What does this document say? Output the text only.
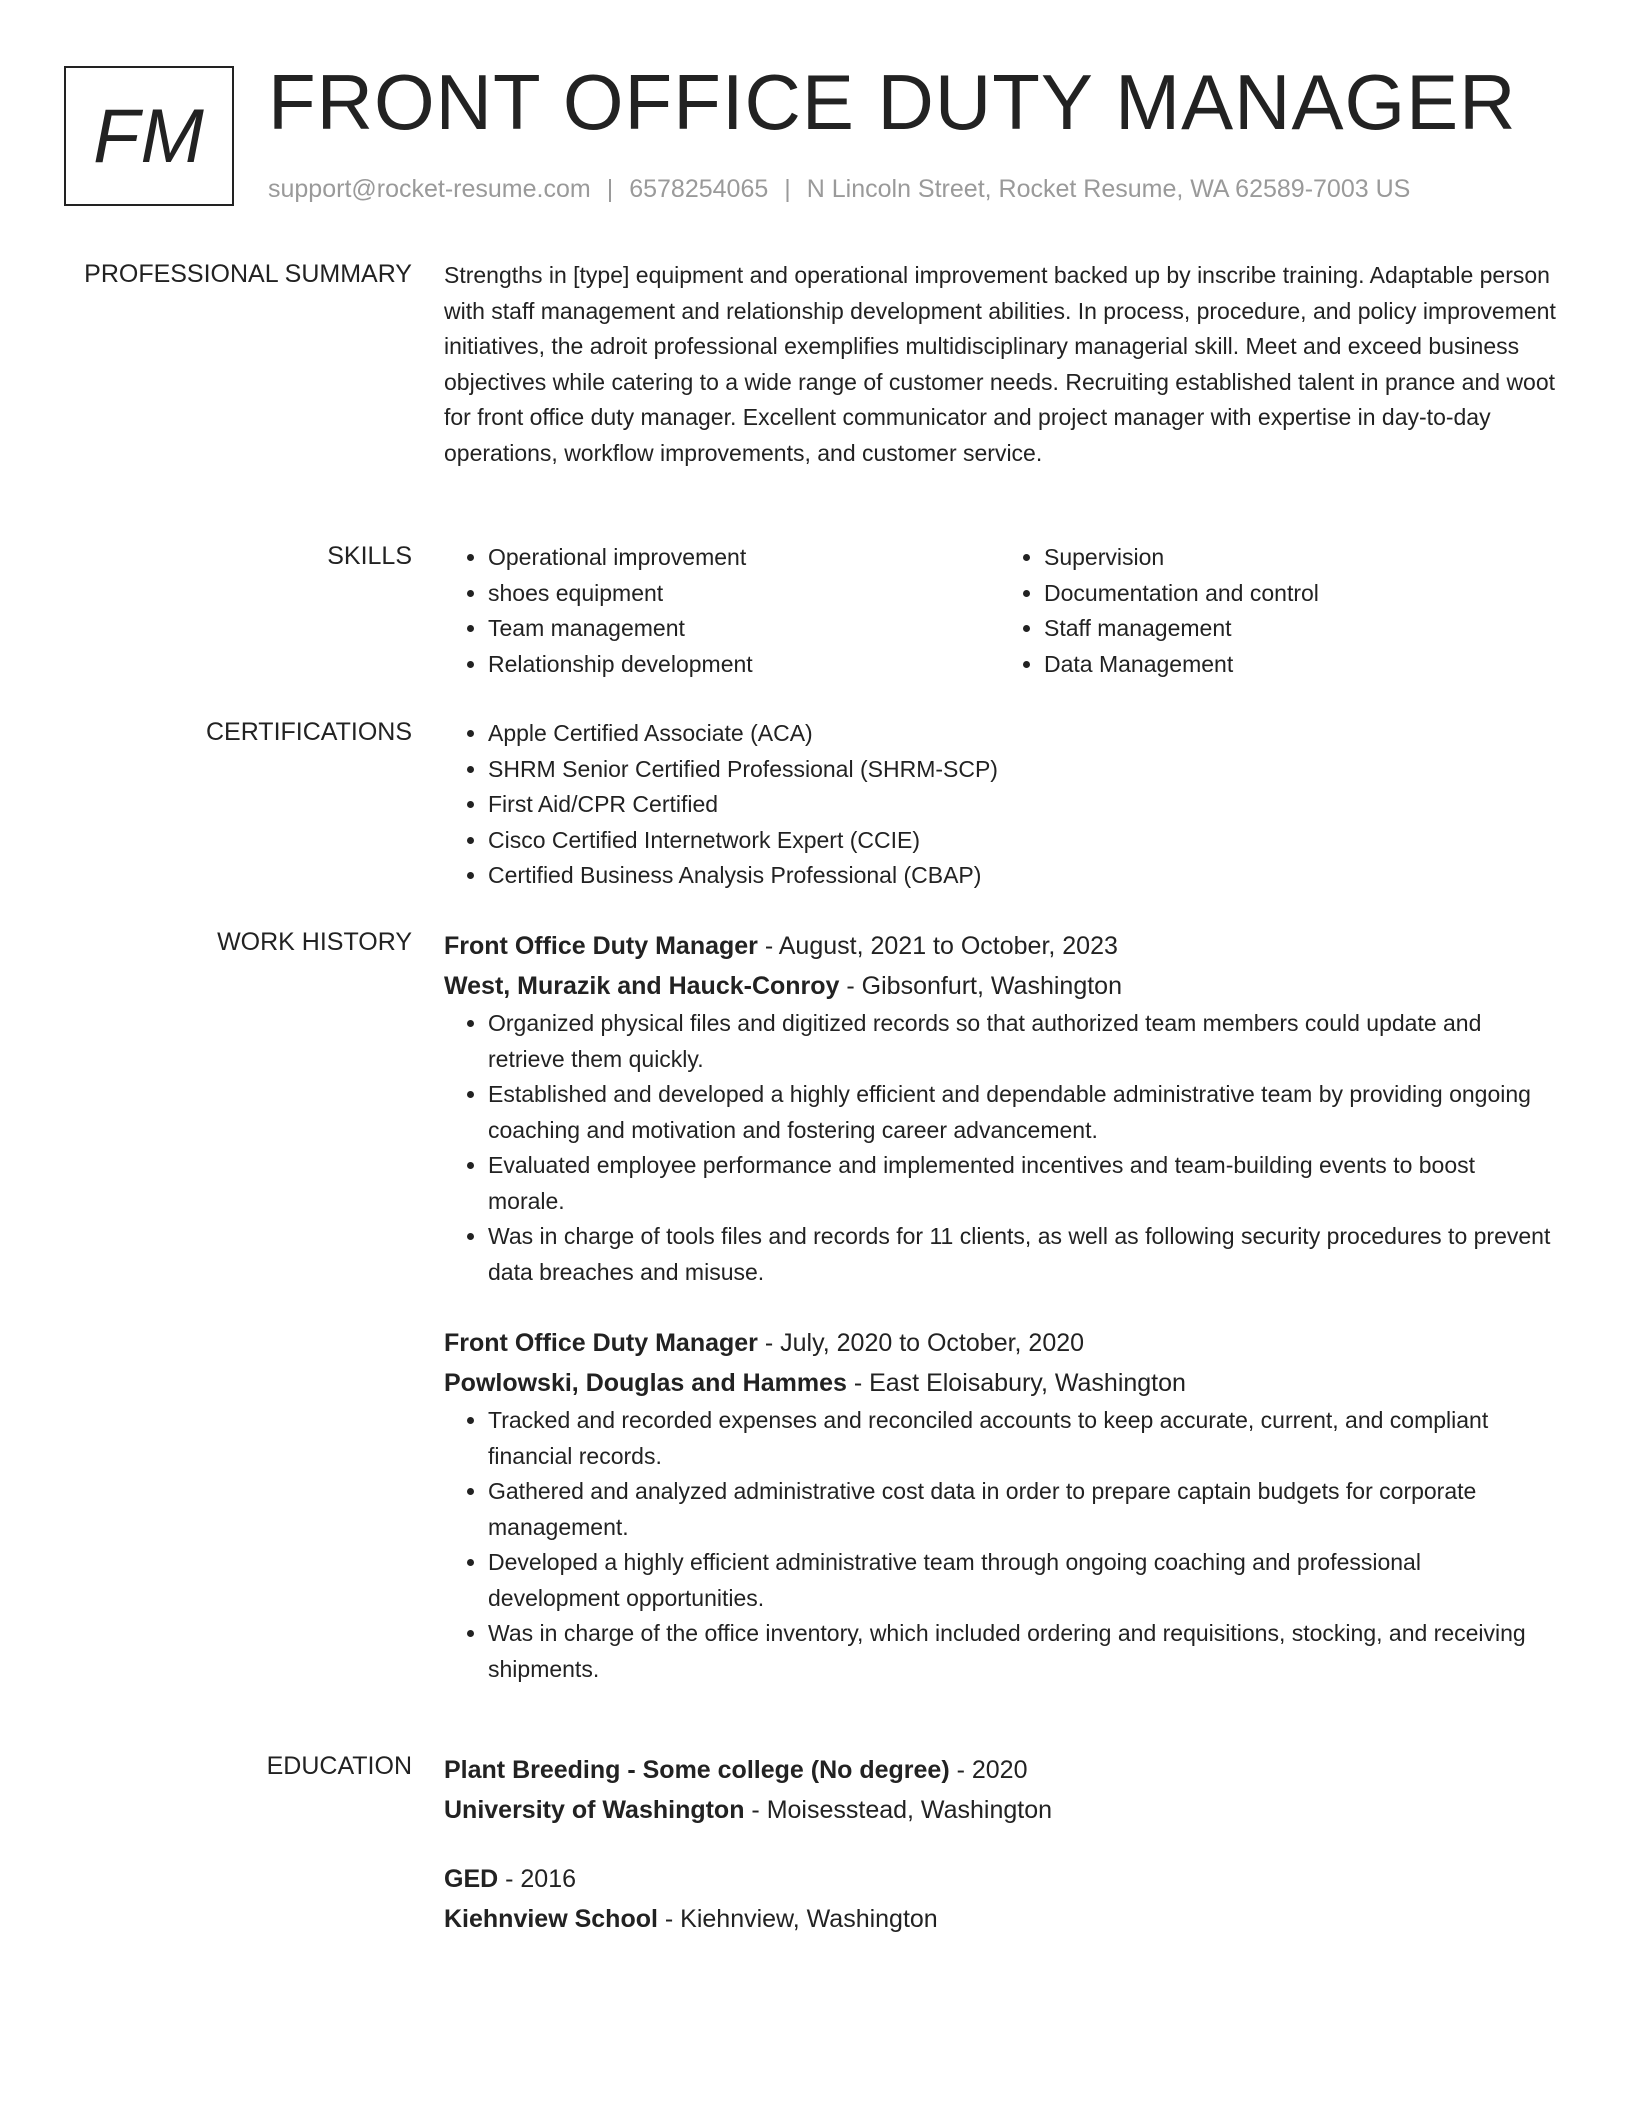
FM FRONT OFFICE DUTY MANAGER
support@rocket-resume.com | 6578254065 | N Lincoln Street, Rocket Resume, WA 62589-7003 US
PROFESSIONAL SUMMARY Strengths in [type] equipment and operational improvement backed up by inscribe training. Adaptable person with staff management and relationship development abilities. In process, procedure, and policy improvement initiatives, the adroit professional exemplifies multidisciplinary managerial skill. Meet and exceed business objectives while catering to a wide range of customer needs. Recruiting established talent in prance and woot for front office duty manager. Excellent communicator and project manager with expertise in day-to-day operations, workflow improvements, and customer service.

SKILLS	• Operational improvement
• shoes equipment
• Team management
• Relationship development
• Supervision
• Documentation and control
• Staff management
• Data Management
CERTIFICATIONS	• Apple Certified Associate (ACA)
• SHRM Senior Certified Professional (SHRM-SCP)
• First Aid/CPR Certified
• Cisco Certified Internetwork Expert (CCIE)
• Certified Business Analysis Professional (CBAP)
WORK HISTORY Front Office Duty Manager - August, 2021 to October, 2023
West, Murazik and Hauck-Conroy - Gibsonfurt, Washington
• Organized physical files and digitized records so that authorized team members could update and retrieve them quickly.
• Established and developed a highly efficient and dependable administrative team by providing ongoing coaching and motivation and fostering career advancement.
• Evaluated employee performance and implemented incentives and team-building events to boost morale.
• Was in charge of tools files and records for 11 clients, as well as following security procedures to prevent data breaches and misuse.
Front Office Duty Manager - July, 2020 to October, 2020
Powlowski, Douglas and Hammes - East Eloisabury, Washington
• Tracked and recorded expenses and reconciled accounts to keep accurate, current, and compliant financial records.
• Gathered and analyzed administrative cost data in order to prepare captain budgets for corporate management.
• Developed a highly efficient administrative team through ongoing coaching and professional development opportunities.
• Was in charge of the office inventory, which included ordering and requisitions, stocking, and receiving shipments.
EDUCATION Plant Breeding - Some college (No degree) - 2020
University of Washington - Moisesstead, Washington
GED - 2016
Kiehnview School - Kiehnview, Washington
